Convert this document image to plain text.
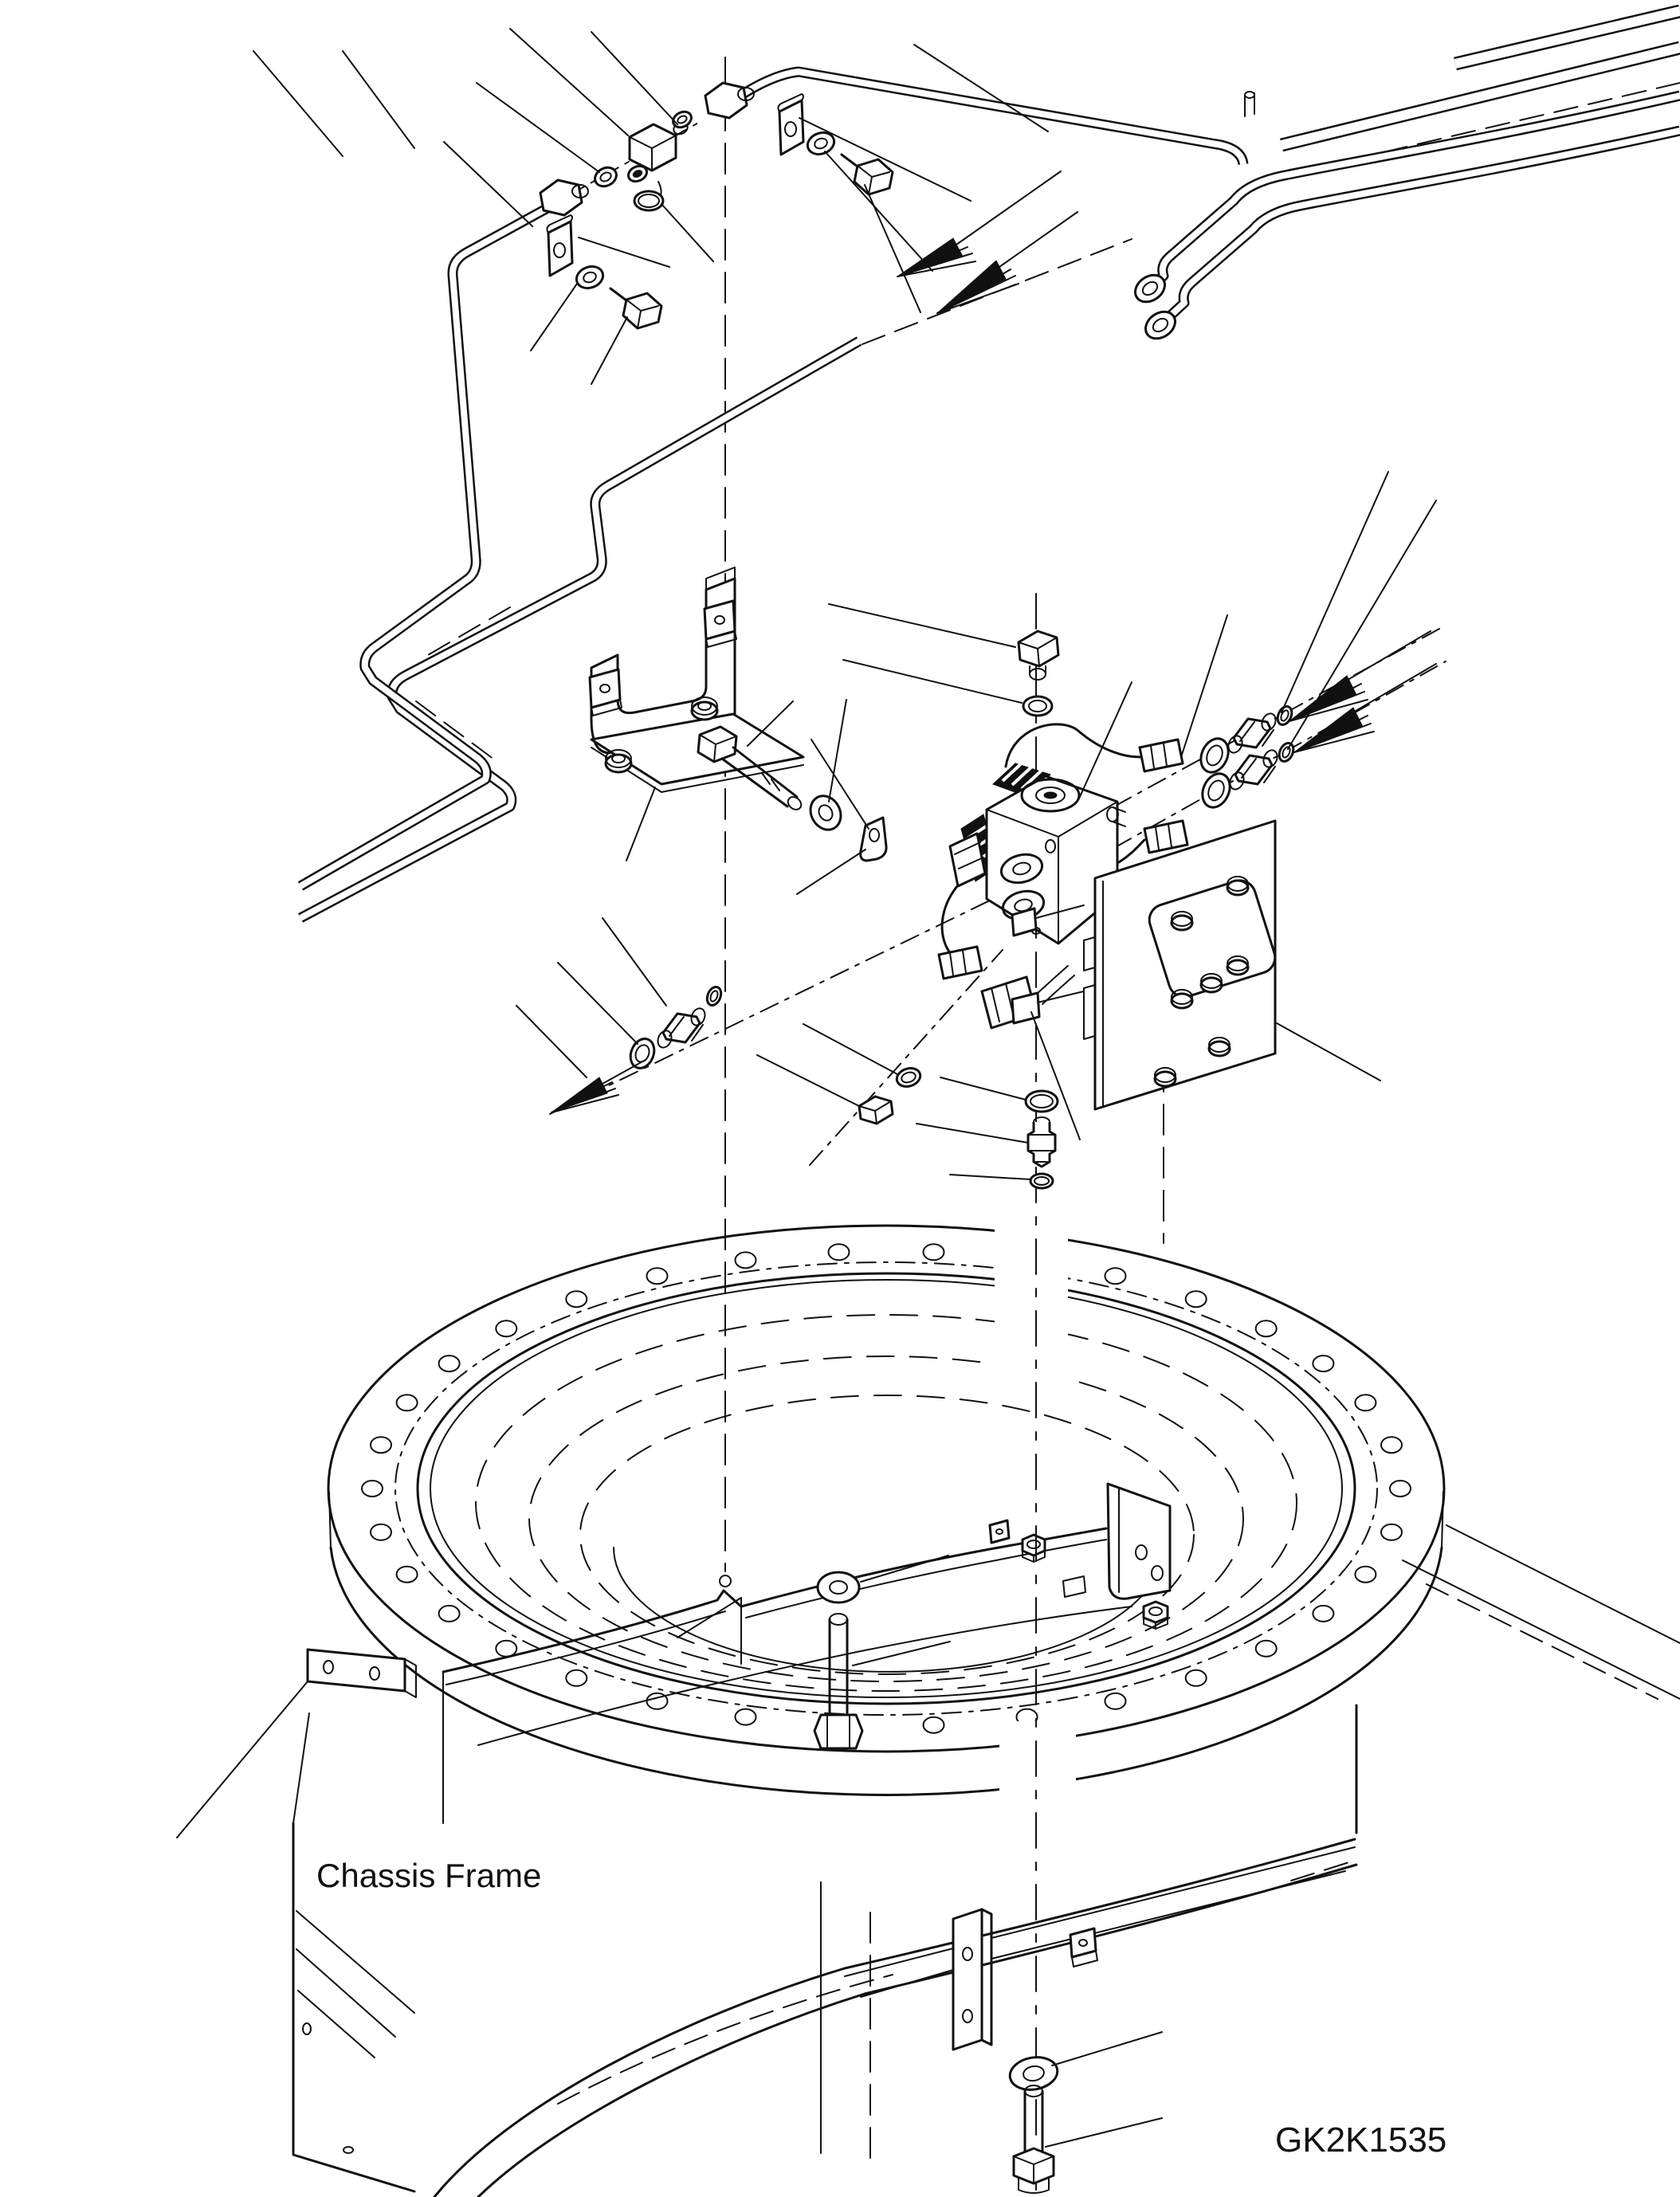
Chassis Frame
GK2K1535
